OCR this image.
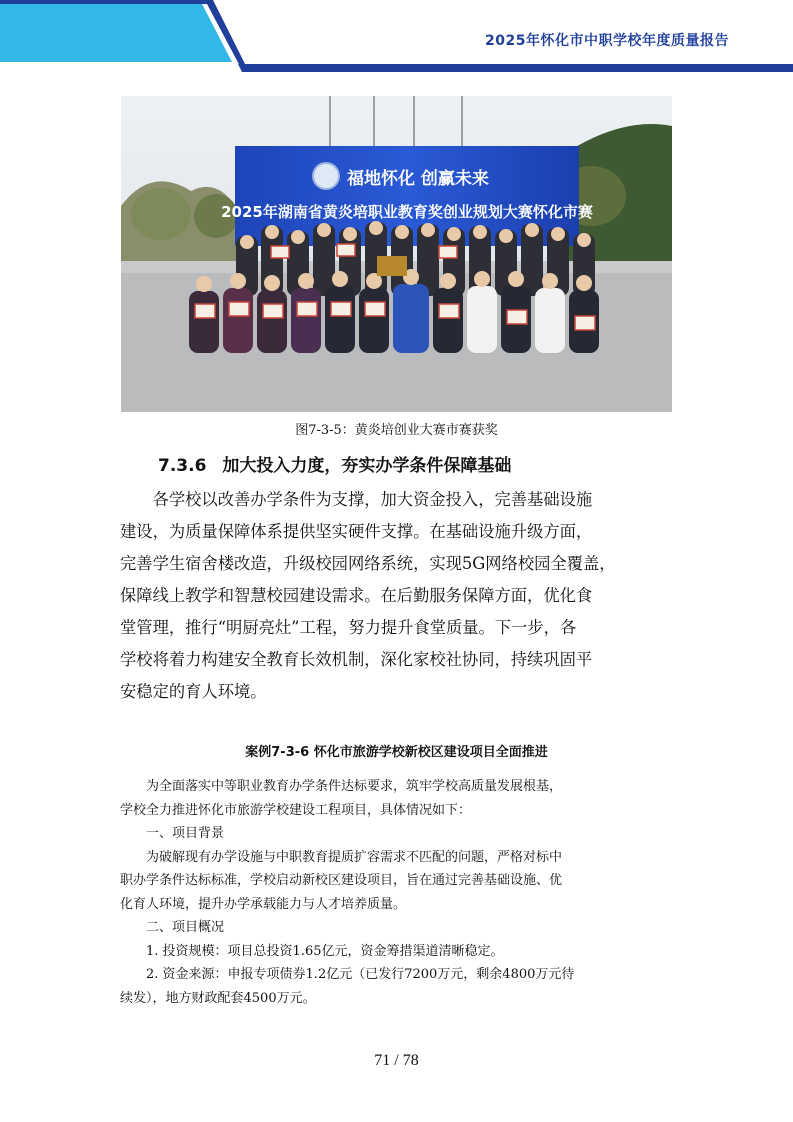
2025年怀化市中职学校年度质量报告
福地怀化 创赢未来
2025年湖南省黄炎培职业教育奖创业规划大赛怀化市赛
图7-3-5：黄炎培创业大赛市赛获奖
7.3.6 加大投入力度，夯实办学条件保障基础
　　各学校以改善办学条件为支撑，加大资金投入，完善基础设施
建设，为质量保障体系提供坚实硬件支撑。在基础设施升级方面，
完善学生宿舍楼改造，升级校园网络系统，实现5G网络校园全覆盖，
保障线上教学和智慧校园建设需求。在后勤服务保障方面，优化食
堂管理，推行“明厨亮灶”工程，努力提升食堂质量。下一步，各
学校将着力构建安全教育长效机制，深化家校社协同，持续巩固平
安稳定的育人环境。
案例7-3-6 怀化市旅游学校新校区建设项目全面推进
　　为全面落实中等职业教育办学条件达标要求，筑牢学校高质量发展根基，
学校全力推进怀化市旅游学校建设工程项目，具体情况如下：
　　一、项目背景
　　为破解现有办学设施与中职教育提质扩容需求不匹配的问题，严格对标中
职办学条件达标标准，学校启动新校区建设项目，旨在通过完善基础设施、优
化育人环境，提升办学承载能力与人才培养质量。
　　二、项目概况
　　1. 投资规模：项目总投资1.65亿元，资金筹措渠道清晰稳定。
　　2. 资金来源：申报专项债券1.2亿元（已发行7200万元，剩余4800万元待
续发），地方财政配套4500万元。
71 / 78
